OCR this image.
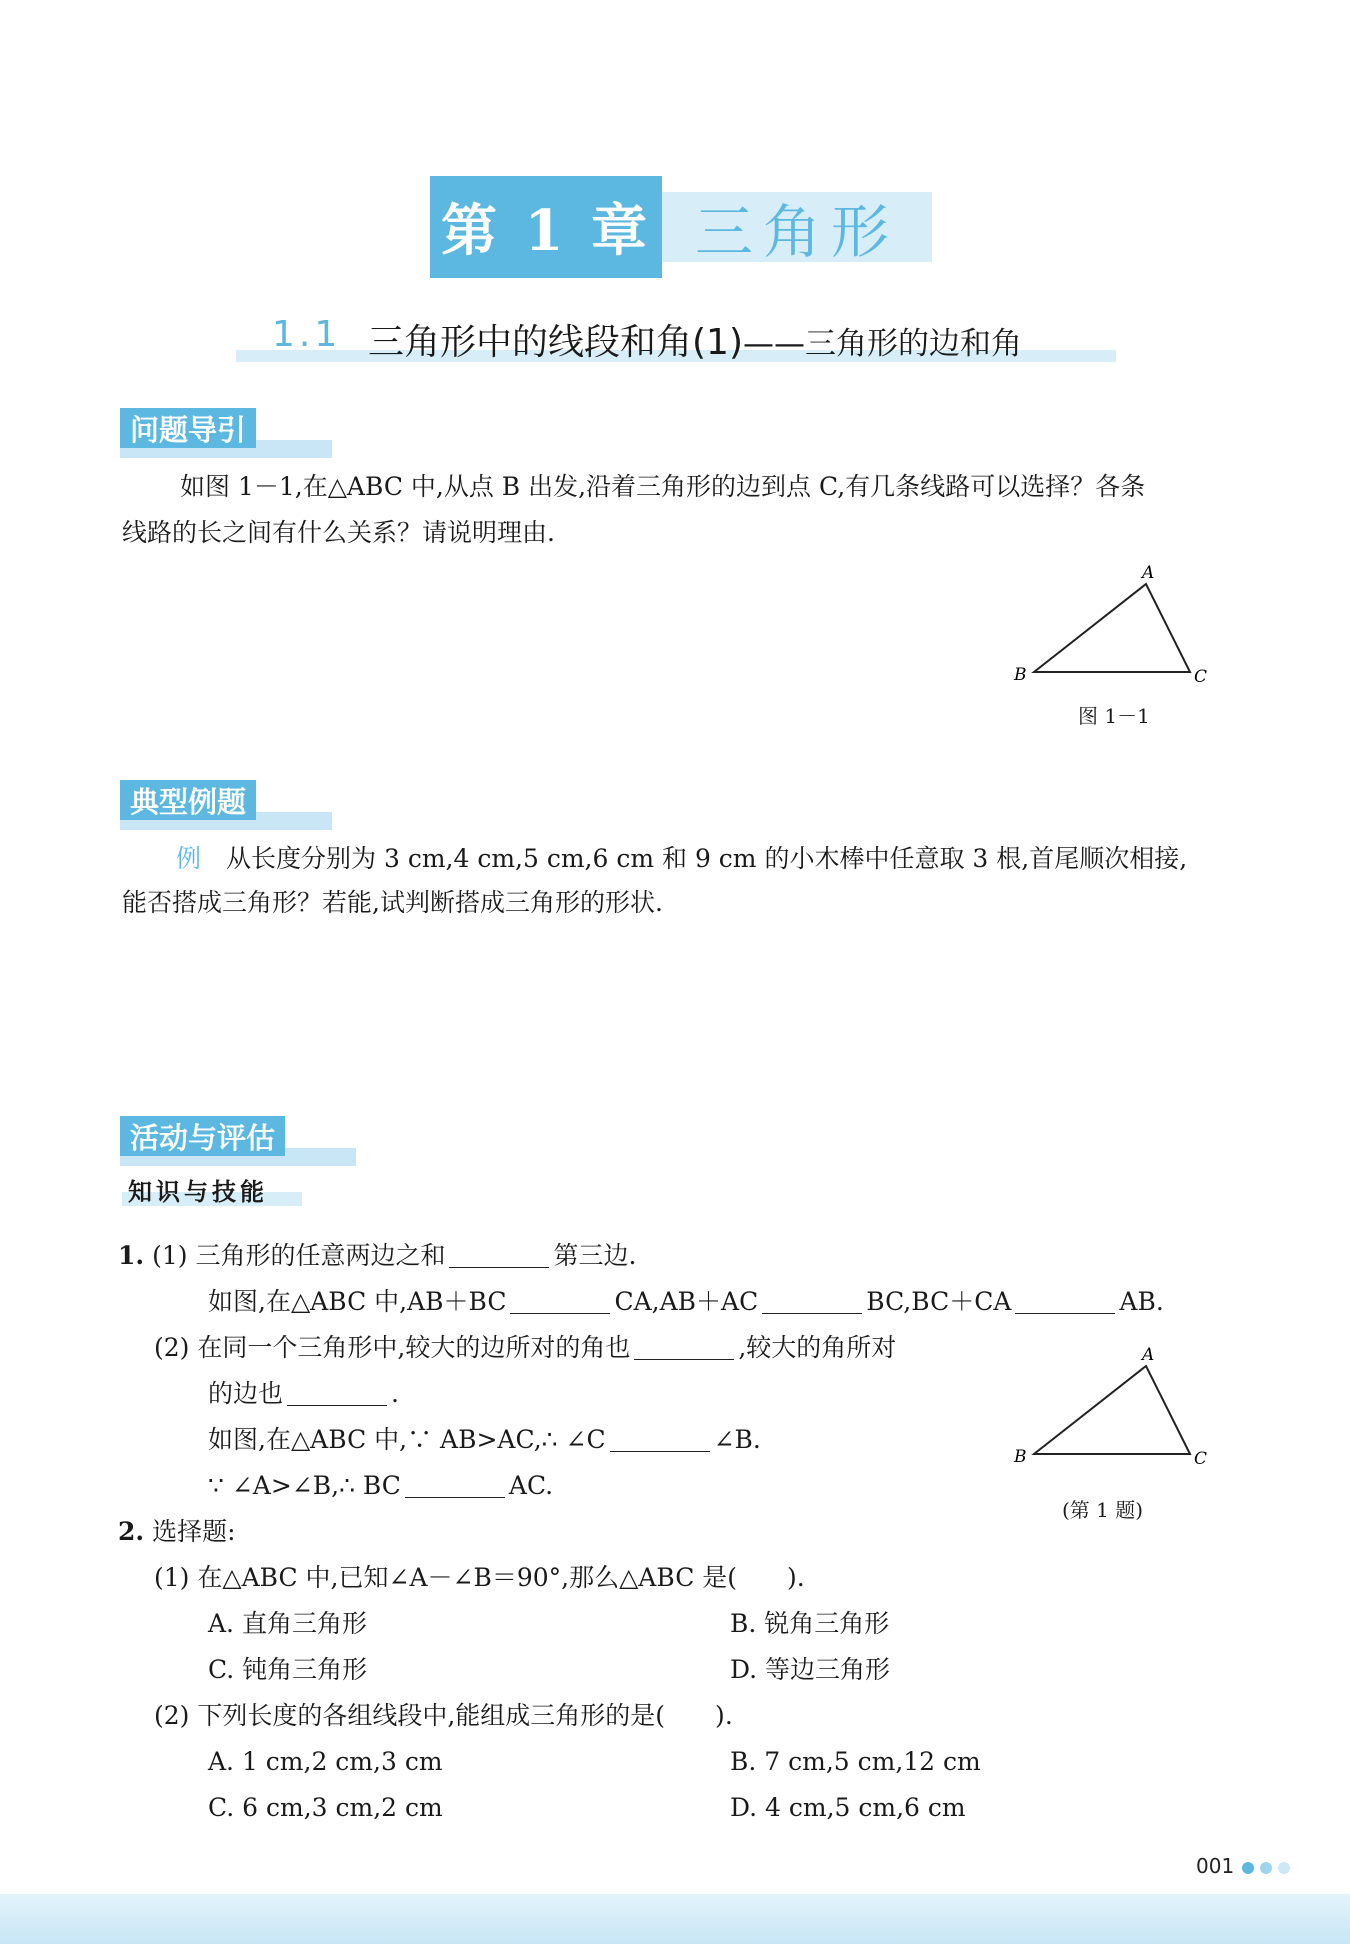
第 1 章 三角形
1.1 三角形中的线段和角(1)——三角形的边和角
问题导引
如图 1－1,在△ABC 中,从点 B 出发,沿着三角形的边到点 C,有几条线路可以选择？各条
线路的长之间有什么关系？请说明理由.
A
B	C
图 1－1
典型例题
例　 从长度分别为 3 cm,4 cm,5 cm,6 cm 和 9 cm 的小木棒中任意取 3 根,首尾顺次相接,
能否搭成三角形？若能,试判断搭成三角形的形状.
活动与评估
知识与技能
1. (1) 三角形的任意两边之和	第三边.
如图,在△ABC 中,AB＋BC	CA,AB＋AC	BC,BC＋CA	AB.
(2) 在同一个三角形中,较大的边所对的角也	,较大的角所对
的边也	.
如图,在△ABC 中,∵ AB>AC,∴ ∠C	∠B.
∵ ∠A>∠B,∴ BC	AC.
A
B	C
(第 1 题)
2. 选择题:
(1) 在△ABC 中,已知∠A－∠B＝90°,那么△ABC 是(　　).
A. 直角三角形	B. 锐角三角形
C. 钝角三角形	D. 等边三角形
(2) 下列长度的各组线段中,能组成三角形的是(　　).
A. 1 cm,2 cm,3 cm	B. 7 cm,5 cm,12 cm
C. 6 cm,3 cm,2 cm	D. 4 cm,5 cm,6 cm
001
